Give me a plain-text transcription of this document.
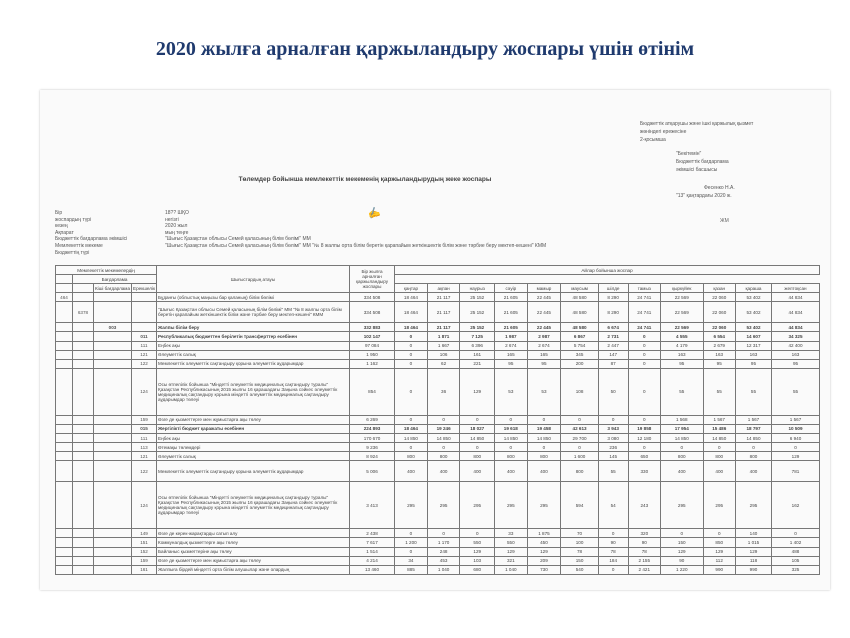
2020 жылға арналған қаржыландыру жоспары үшін өтінім
Бюджеттік атқарушы және ішкі қаржылық қызмет
жөніндегі ережесіне
2-қосымша
"Бекітемін"
Бюджеттік бағдарлама
әкімшісі басшысы
Фесенко Н.А.
"13" қаңтардағы 2020 ж.
Төлемдер бойынша мемлекеттік мекеменің қаржыландырудың жеке жоспары
ЖМ
✍
Бір	18?? ШҚО
жоспардың түрі	негізгі
кезең	2020 жыл
Ақпарат	мың теңге
Бюджеттік бағдарлама әкімшісі	"Шығыс Қазақстан облысы Семей қаласының білім бөлімі" ММ
Мемлекеттік мекеме	"Шығыс Қазақстан облысы Семей қаласының білім бөлімі" ММ "№ 8 жалпы орта білім беретін қарапайым жеткіншектік білім және тәрбие беру мектеп-кешені" КММ
Бюджеттің түрі
Мемлекеттік мекемелердің				Шығыстардың атауы	Бір жылға арналған қаржыландыру жоспары	Айлар бойынша жоспар											
	Бағдарлама																
		Кіші бағдарлама	Ерекшелік			қаңтар	ақпан	наурыз	сәуір	мамыр	маусым	шілде	тамыз	қыркүйек	қазан	қараша	желтоқсан
464				Бұданғы (облыстық маңызы бар қаланың) білім бөлімі	334 508	18 464	21 117	25 152	21 605	22 445	48 580	8 290	24 741	22 569	22 060	53 402	44 834
	6378			"Шығыс Қазақстан облысы Семей қаласының білім бөлімі" ММ "№ 8 жалпы орта білім беретін қарапайым жеткіншектік білім және тәрбие беру мектеп-кешені" КММ	334 508	18 464	21 117	25 152	21 605	22 445	48 580	8 290	24 741	22 569	22 060	53 402	44 834
		003		Жалпы білім беру	332 883	18 464	21 117	25 152	21 605	22 445	48 580	6 674	24 741	22 569	22 060	53 402	44 834
			011	Республикалық бюджеттен берілетін трансферттер есебінен	102 147	0	1 871	7 125	1 987	2 987	6 867	2 731	0	4 555	6 554	14 607	34 325
			111	Еңбек ақы	97 084	0	1 667	6 396	2 674	2 674	5 754	2 447	0	4 179	2 679	12 317	42 400
			121	Әлеуметтік салық	1 950	0	106	161	165	165	345	147	0	163	163	163	163
			122	Мемлекеттік әлеуметтік сақтандыру қорына әлеуметтік аударымдар	1 162	0	62	221	95	95	200	87	0	95	95	95	95
			124	Осы өтпелілік бойынша "Міндетті әлеуметтік медициналық сақтандыру туралы" Қазақстан Республикасының 2015 жылғы 16 қарашадағы Заңына сәйкес әлеуметтік медициналық сақтандыру қорына міндетті әлеуметтік медициналық сақтандыру аударымдар төлеуі	854	0	36	129	53	53	108	50	0	55	55	55	55
			159	Өзге де қызметтерге мен жұмыстарға ақы төлеу	6 269	0	0	0	0	0	0	0	0	1 568	1 567	1 567	1 567
			015	Жергілікті бюджет қаражаты есебінен	224 893	18 464	19 246	18 027	19 618	19 458	42 613	3 943	19 858	17 954	15 486	18 797	10 509
			111	Еңбек ақы	170 670	14 850	14 850	14 850	14 850	14 850	29 700	3 080	12 180	14 850	14 850	14 850	6 940
			113	Өтемақы төлемдері	9 236	0	0	0	0	0	0	236	0	0	0	0	0
			121	Әлеуметтік салық	8 924	800	800	800	800	800	1 600	145	650	800	800	800	129
			122	Мемлекеттік әлеуметтік сақтандыру қорына әлеуметтік аударымдар	5 006	400	400	400	400	400	800	55	330	400	400	400	781
			124	Осы өтпелілік бойынша "Міндетті әлеуметтік медициналық сақтандыру туралы" Қазақстан Республикасының 2015 жылғы 16 қарашадағы Заңына сәйкес әлеуметтік медициналық сақтандыру қорына міндетті әлеуметтік медициналық сақтандыру аударымдар төлеуі	3 413	295	295	295	295	295	594	54	243	295	295	295	162
			149	Өзге де керек-жарақтарды сатып алу	2 438	0	0	0	33	1 875	70	0	320	0	0	140	0
			151	Коммуналдық қызметтерге ақы төлеу	7 617	1 200	1 170	550	550	450	100	90	90	150	850	1 015	1 402
			152	Байланыс қызметтеріне ақы төлеу	1 514	0	248	129	129	129	78	78	78	129	129	129	488
			159	Өзге де қызметтерге мен жұмыстарға ақы төлеу	4 214	34	453	103	321	209	150	184	2 155	90	112	118	105
			161	Жалпыға бірдей міндетті орта білім алушылар және олардың	13 460	885	1 040	680	1 040	730	540	0	2 421	1 220	990	990	325
